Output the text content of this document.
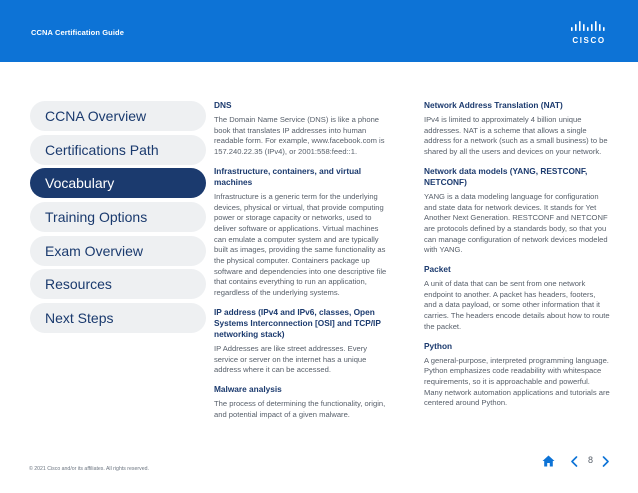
CCNA Certification Guide
CISCO
CCNA Overview
Certifications Path
Vocabulary
Training Options
Exam Overview
Resources
Next Steps
DNS
The Domain Name Service (DNS) is like a phone book that translates IP addresses into human readable form. For example, www.facebook.com is 157.240.22.35 (IPv4), or 2001:558:feed::1.
Infrastructure, containers, and virtual machines
Infrastructure is a generic term for the underlying devices, physical or virtual, that provide computing power or storage capacity or networks, used to deliver software or applications. Virtual machines can emulate a computer system and are typically built as images, providing the same functionality as the physical computer. Containers package up software and dependencies into one descriptive file that contains everything to run an application, regardless of the underlying systems.
IP address (IPv4 and IPv6, classes, Open Systems Interconnection [OSI] and TCP/IP networking stack)
IP Addresses are like street addresses. Every service or server on the internet has a unique address where it can be accessed.
Malware analysis
The process of determining the functionality, origin, and potential impact of a given malware.
Network Address Translation (NAT)
IPv4 is limited to approximately 4 billion unique addresses. NAT is a scheme that allows a single address for a network (such as a small business) to be shared by all the users and devices on your network.
Network data models (YANG, RESTCONF, NETCONF)
YANG is a data modeling language for configuration and state data for network devices. It stands for Yet Another Next Generation. RESTCONF and NETCONF are protocols defined by a standards body, so that you can manage configuration of network devices modeled with YANG.
Packet
A unit of data that can be sent from one network endpoint to another. A packet has headers, footers, and a data payload, or some other information that it carries. The headers encode details about how to route the packet.
Python
A general-purpose, interpreted programming language. Python emphasizes code readability with whitespace requirements, so it is approachable and powerful. Many network automation applications and tutorials are centered around Python.
© 2021 Cisco and/or its affiliates. All rights reserved.
8
